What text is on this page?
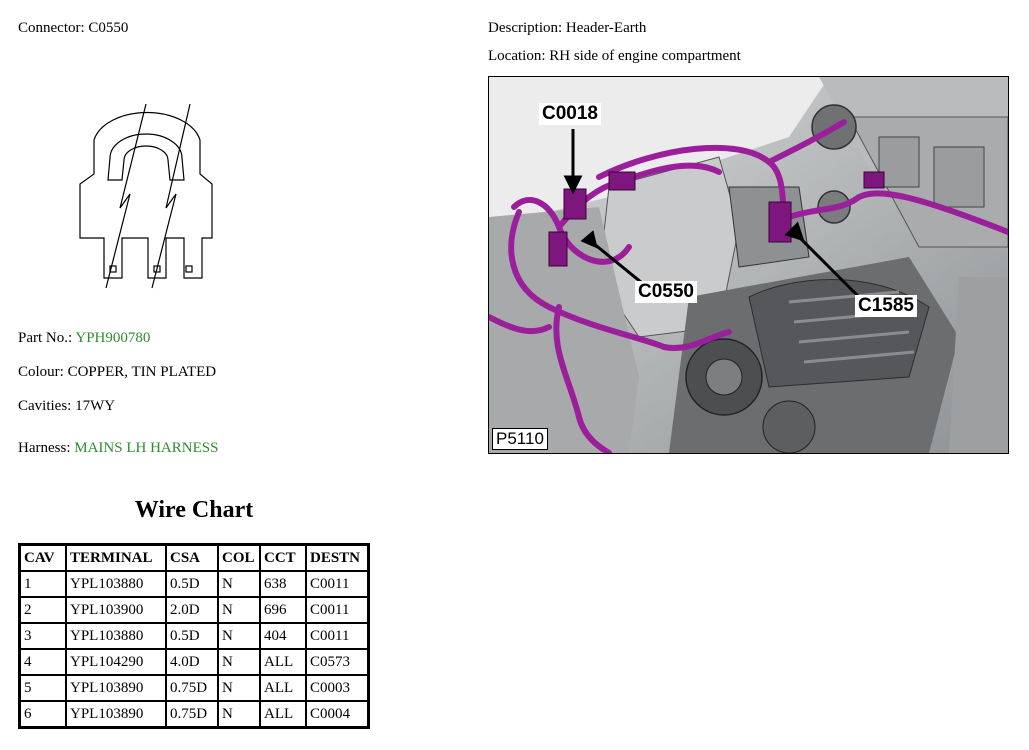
Connector: C0550	Description: Header-Earth
Location: RH side of engine compartment
Part No.: YPH900780
Colour: COPPER, TIN PLATED
Cavities: 17WY
Harness: MAINS LH HARNESS
Wire Chart
CAV	TERMINAL	CSA	COL	CCT	DESTN
1	YPL103880	0.5D	N	638	C0011
2	YPL103900	2.0D	N	696	C0011
3	YPL103880	0.5D	N	404	C0011
4	YPL104290	4.0D	N	ALL	C0573
5	YPL103890	0.75D	N	ALL	C0003
6	YPL103890	0.75D	N	ALL	C0004
C0018
C0550
C1585
P5110
